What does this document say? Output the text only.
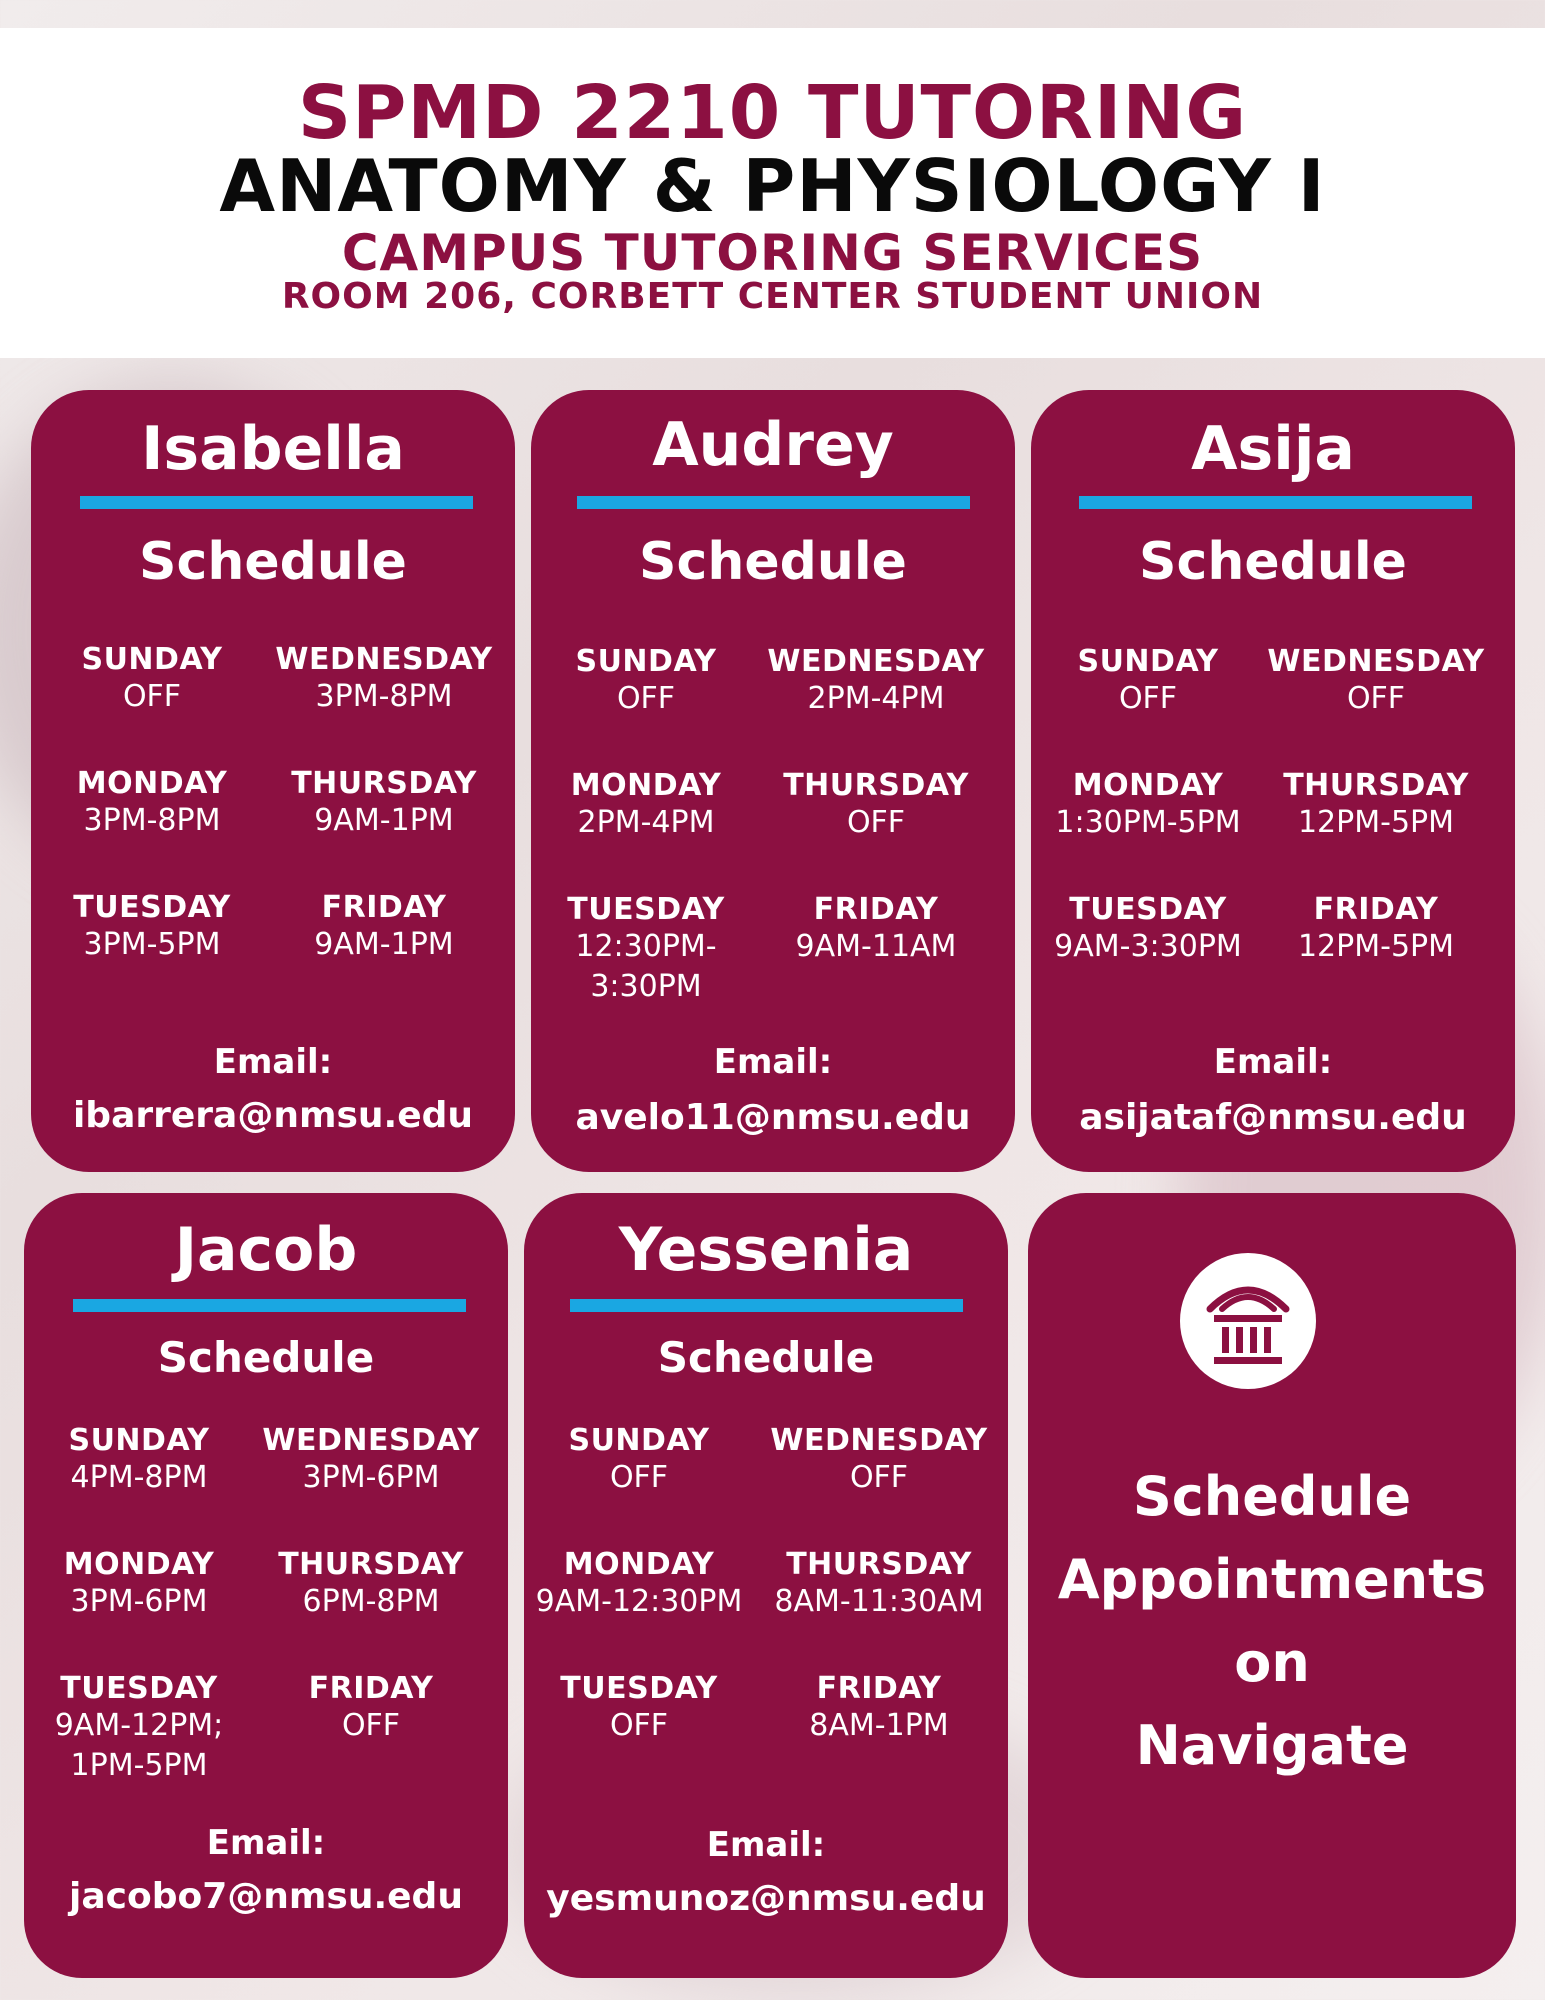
SPMD 2210 TUTORING
ANATOMY & PHYSIOLOGY I
CAMPUS TUTORING SERVICES
ROOM 206, CORBETT CENTER STUDENT UNION
Isabella
Schedule
SUNDAY
OFF
WEDNESDAY
3PM-8PM
MONDAY
3PM-8PM
THURSDAY
9AM-1PM
TUESDAY
3PM-5PM
FRIDAY
9AM-1PM
Email:
ibarrera@nmsu.edu
Audrey
Schedule
SUNDAY
OFF
WEDNESDAY
2PM-4PM
MONDAY
2PM-4PM
THURSDAY
OFF
TUESDAY
12:30PM-
3:30PM
FRIDAY
9AM-11AM
Email:
avelo11@nmsu.edu
Asija
Schedule
SUNDAY
OFF
WEDNESDAY
OFF
MONDAY
1:30PM-5PM
THURSDAY
12PM-5PM
TUESDAY
9AM-3:30PM
FRIDAY
12PM-5PM
Email:
asijataf@nmsu.edu
Jacob
Schedule
SUNDAY
4PM-8PM
WEDNESDAY
3PM-6PM
MONDAY
3PM-6PM
THURSDAY
6PM-8PM
TUESDAY
9AM-12PM;
1PM-5PM
FRIDAY
OFF
Email:
jacobo7@nmsu.edu
Yessenia
Schedule
SUNDAY
OFF
WEDNESDAY
OFF
MONDAY
9AM-12:30PM
THURSDAY
8AM-11:30AM
TUESDAY
OFF
FRIDAY
8AM-1PM
Email:
yesmunoz@nmsu.edu
Schedule
Appointments
on
Navigate
